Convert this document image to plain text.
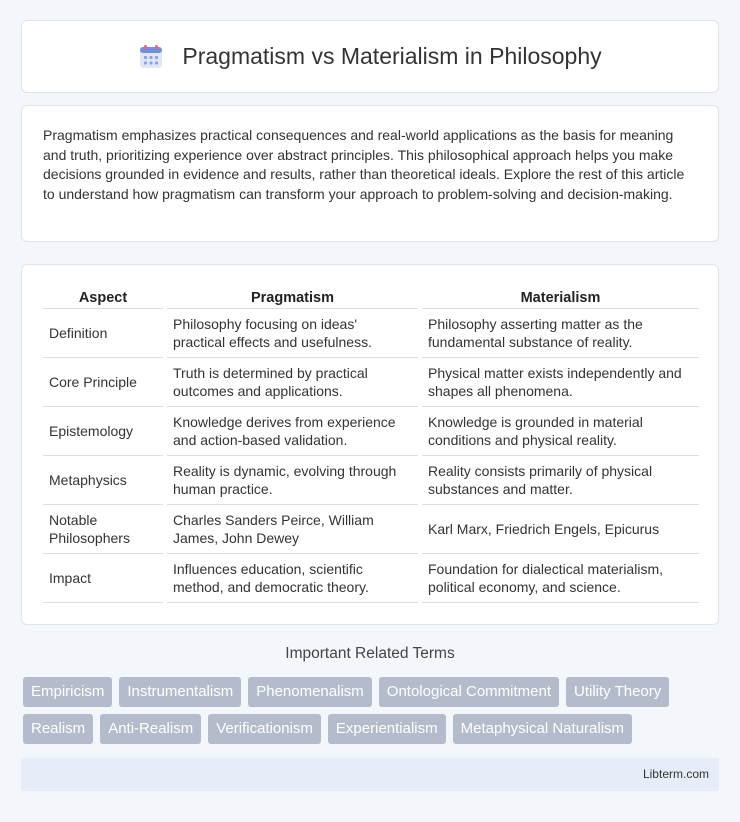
Pragmatism vs Materialism in Philosophy

Pragmatism emphasizes practical consequences and real-world applications as the basis for meaning and truth, prioritizing experience over abstract principles. This philosophical approach helps you make decisions grounded in evidence and results, rather than theoretical ideals. Explore the rest of this article to understand how pragmatism can transform your approach to problem-solving and decision-making.

Aspect		Pragmatism		Materialism
Definition		Philosophy focusing on ideas' practical effects and usefulness.		Philosophy asserting matter as the fundamental substance of reality.
Core Principle		Truth is determined by practical outcomes and applications.		Physical matter exists independently and shapes all phenomena.
Epistemology		Knowledge derives from experience and action-based validation.		Knowledge is grounded in material conditions and physical reality.
Metaphysics		Reality is dynamic, evolving through human practice.		Reality consists primarily of physical substances and matter.
Notable Philosophers		Charles Sanders Peirce, William James, John Dewey		Karl Marx, Friedrich Engels, Epicurus
Impact		Influences education, scientific method, and democratic theory.		Foundation for dialectical materialism, political economy, and science.
Important Related Terms
Empiricism	Instrumentalism	Phenomenalism	Ontological Commitment	Utility Theory
Realism	Anti-Realism	Verificationism	Experientialism	Metaphysical Naturalism
Libterm.com
